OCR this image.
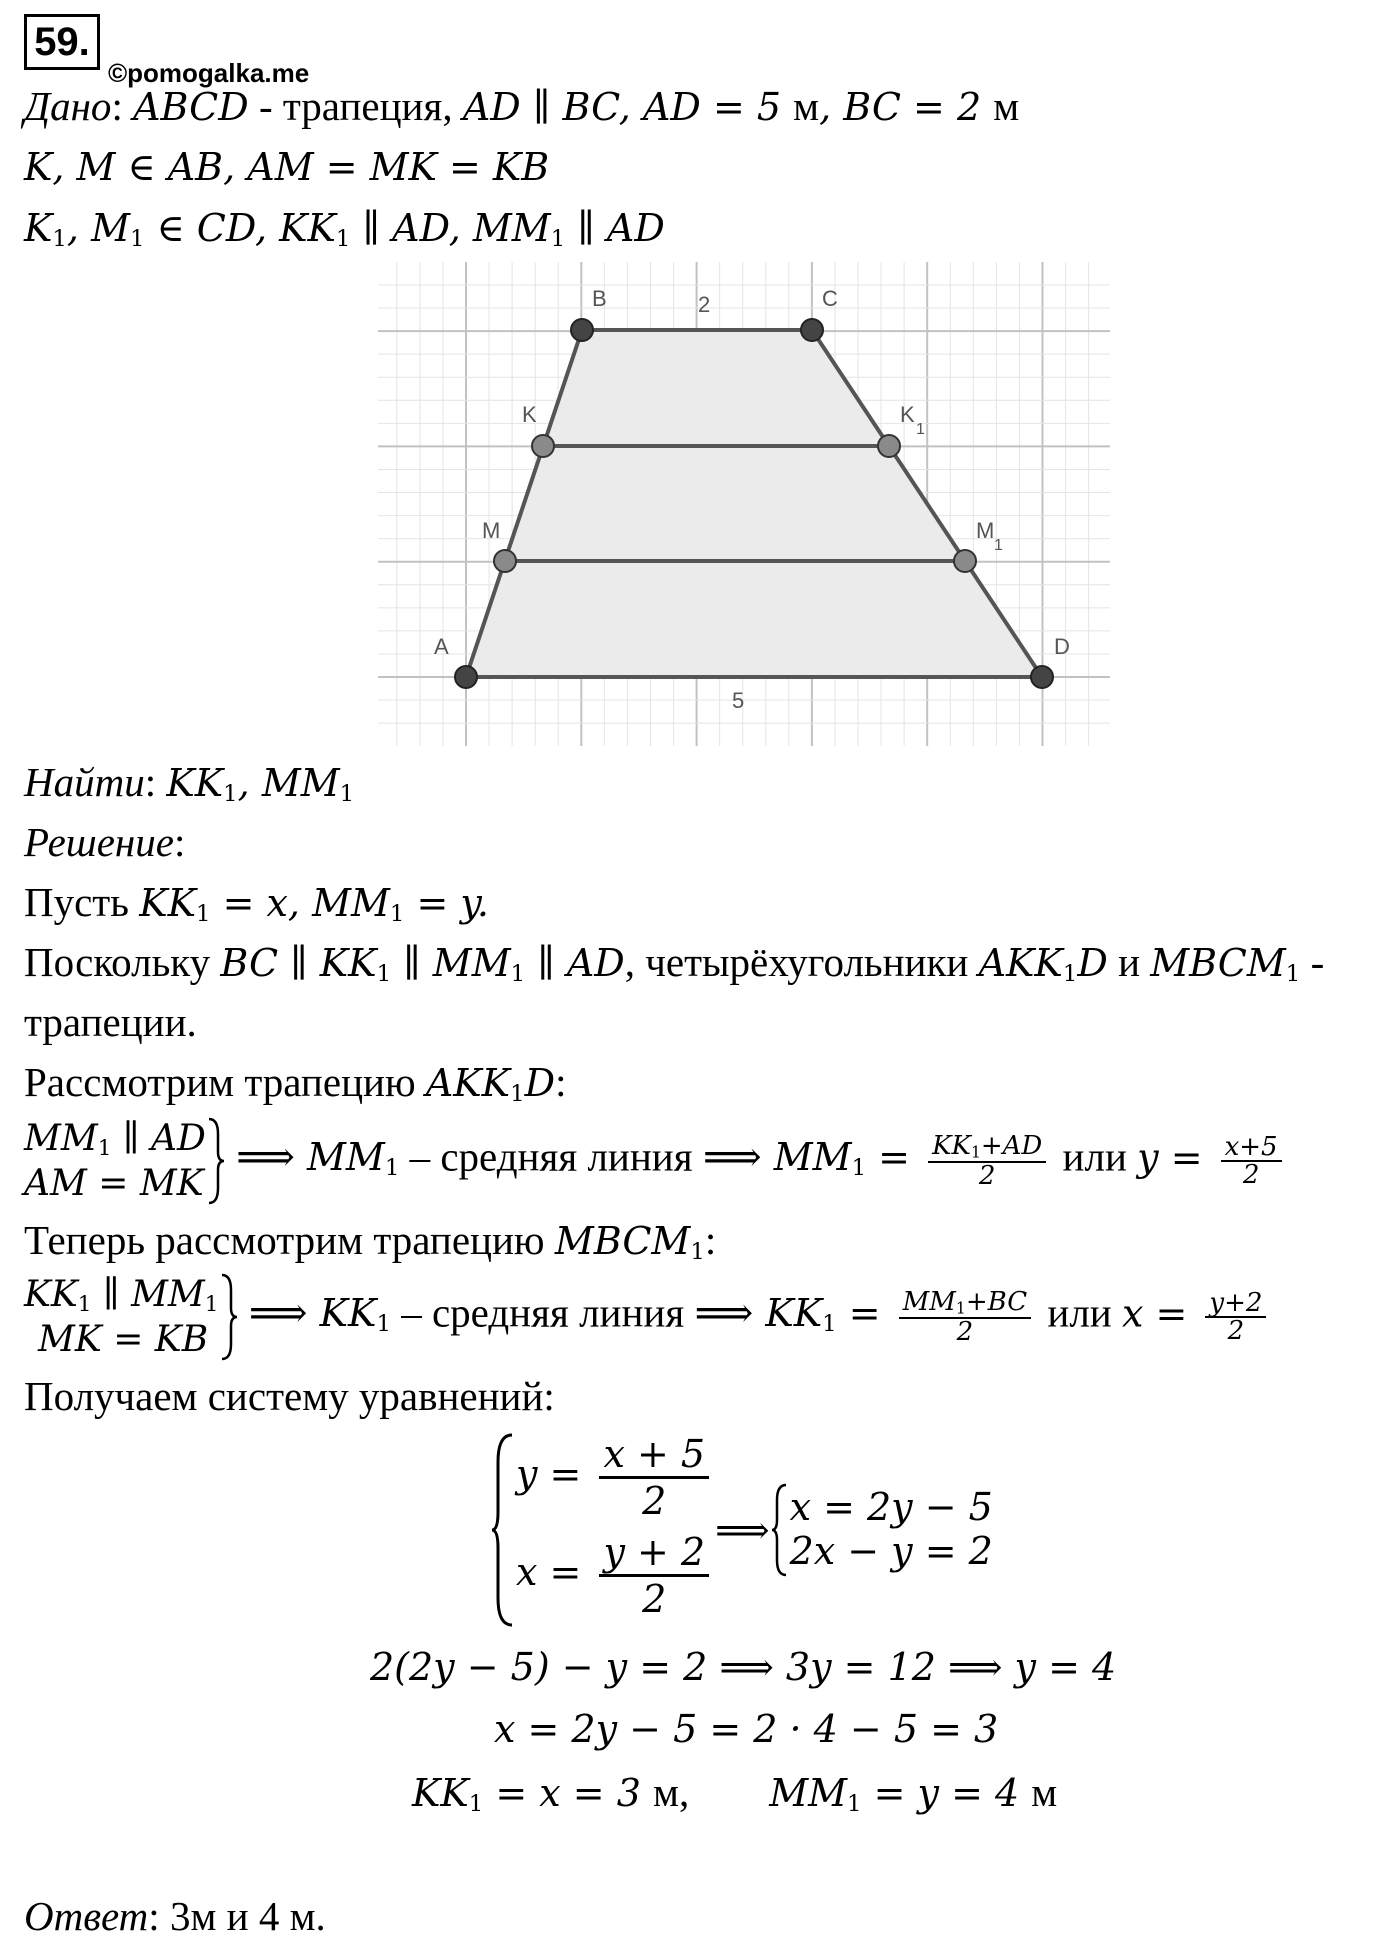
59.
©pomogalka.me
Дано: ABCD - трапеция, AD ∥ BC, AD = 5 м, BC = 2 м
K, M ∈ AB, AM = MK = KB
$K_1$, $M_1$ ∈ CD, $KK_1$ ∥ AD, $MM_1$ ∥ AD
A
B	C
D
K	K
1
M	M
1
2
5
Найти: $KK_1$, $MM_1$
Решение:
Пусть $KK_1 = x$, $MM_1 = y$.
Поскольку BC ∥ $KK_1$ ∥ $MM_1$ ∥ AD, четырёхугольники $AKK_1D$ и $MBCM_1$ -
трапеции.
Рассмотрим трапецию $AKK_1D$:
$MM_1$ ∥ AD
AM = MK
⟹ $MM_1$ – средняя линия ⟹ $MM_1 = \frac{KK_1+AD}{2}$ или $y = \frac{x+5}{2}$
Теперь рассмотрим трапецию $MBCM_1$:
$KK_1$ ∥ $MM_1$
MK = KB
⟹ $KK_1$ – средняя линия ⟹ $KK_1 = \frac{MM_1+BC}{2}$ или $x = \frac{y+2}{2}$
Получаем систему уравнений:
$y = \frac{x + 5}{2}$
$x = \frac{y + 2}{2}$ ⟹
x = 2y − 5
2x − y = 2
2(2y − 5) − y = 2 ⟹ 3y = 12 ⟹ y = 4
x = 2y − 5 = 2 · 4 − 5 = 3
$KK_1 = x = 3$ м, $MM_1 = y = 4$ м
Ответ: 3м и 4 м.
